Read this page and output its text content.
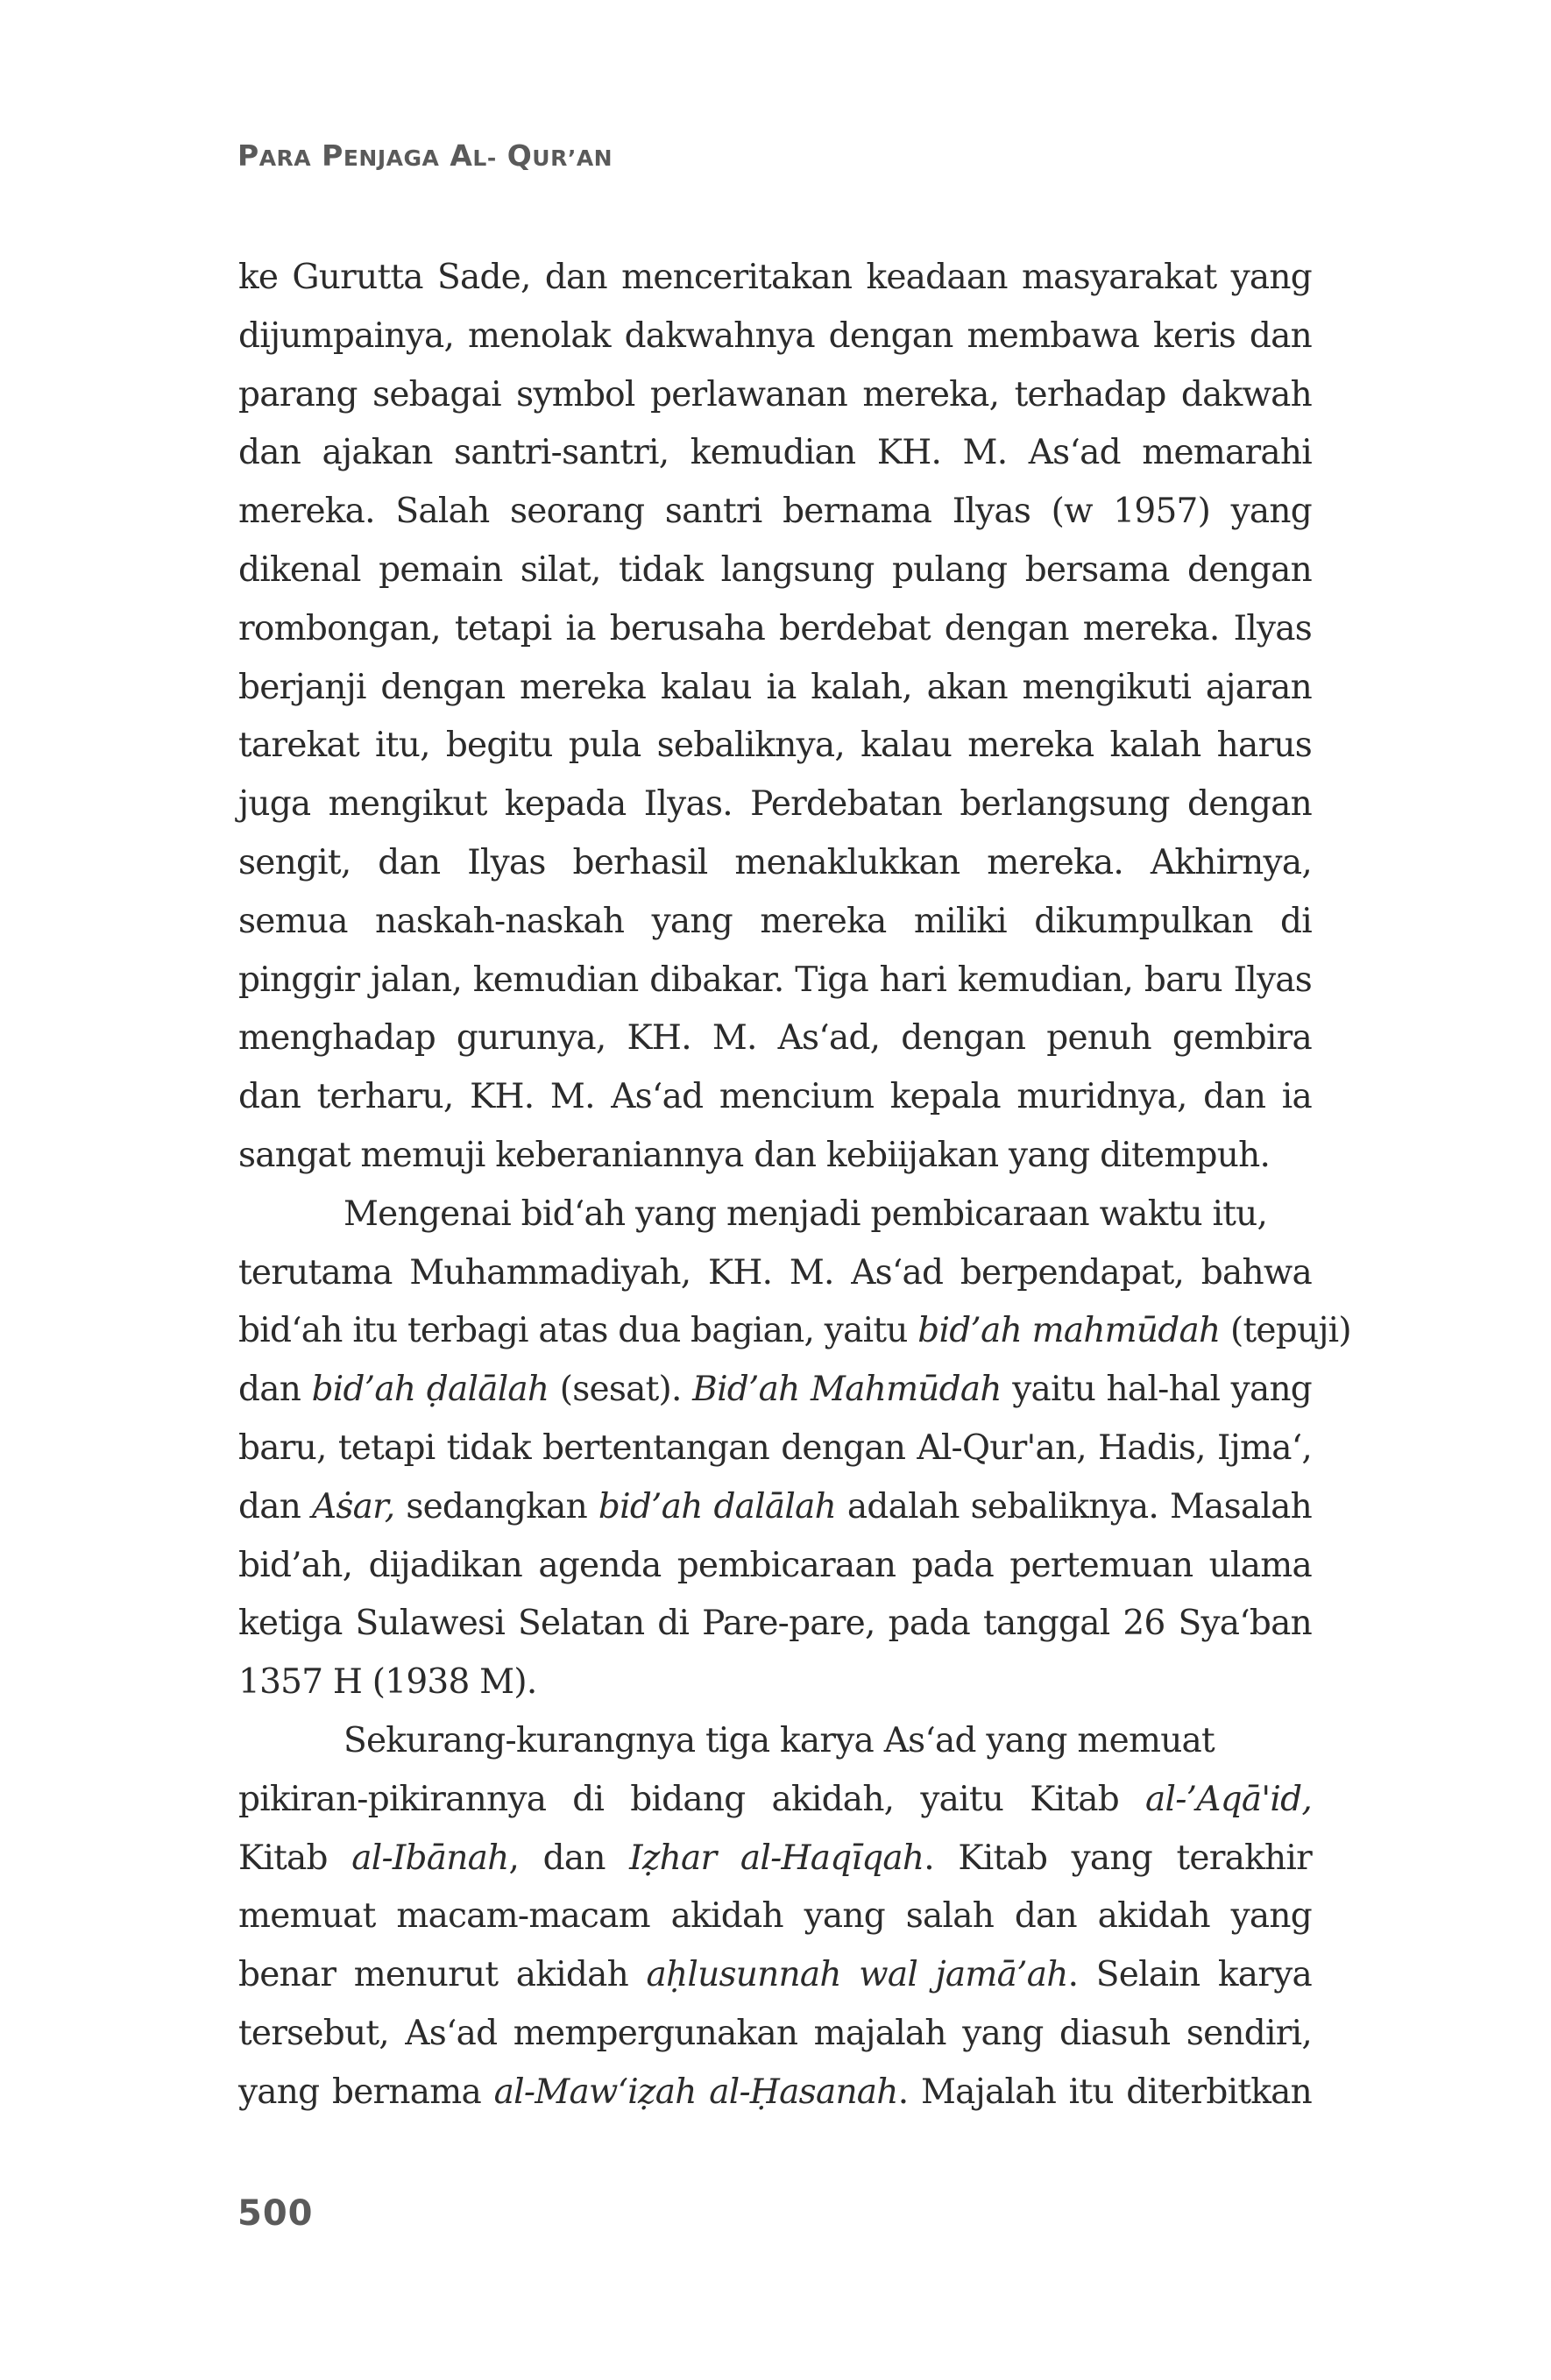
PARA PENJAGA AL- QUR’AN
ke Gurutta Sade, dan menceritakan keadaan masyarakat yang
dijumpainya, menolak dakwahnya dengan membawa keris dan
parang sebagai symbol perlawanan mereka, terhadap dakwah
dan ajakan santri-santri, kemudian KH. M. As‘ad memarahi
mereka. Salah seorang santri bernama Ilyas (w 1957) yang
dikenal pemain silat, tidak langsung pulang bersama dengan
rombongan, tetapi ia berusaha berdebat dengan mereka. Ilyas
berjanji dengan mereka kalau ia kalah, akan mengikuti ajaran
tarekat itu, begitu pula sebaliknya, kalau mereka kalah harus
juga mengikut kepada Ilyas. Perdebatan berlangsung dengan
sengit, dan Ilyas berhasil menaklukkan mereka. Akhirnya,
semua naskah-naskah yang mereka miliki dikumpulkan di
pinggir jalan, kemudian dibakar. Tiga hari kemudian, baru Ilyas
menghadap gurunya, KH. M. As‘ad, dengan penuh gembira
dan terharu, KH. M. As‘ad mencium kepala muridnya, dan ia
sangat memuji keberaniannya dan kebiijakan yang ditempuh.
Mengenai bid‘ah yang menjadi pembicaraan waktu itu,
terutama Muhammadiyah, KH. M. As‘ad berpendapat, bahwa
bid‘ah itu terbagi atas dua bagian, yaitu bid’ah mahmūdah (tepuji)
dan bid’ah ḍalālah (sesat). Bid’ah Mahmūdah yaitu hal-hal yang
baru, tetapi tidak bertentangan dengan Al-Qur'an, Hadis, Ijma‘,
dan Aṡar, sedangkan bid’ah dalālah adalah sebaliknya. Masalah
bid’ah, dijadikan agenda pembicaraan pada pertemuan ulama
ketiga Sulawesi Selatan di Pare-pare, pada tanggal 26 Sya‘ban
1357 H (1938 M).
Sekurang-kurangnya tiga karya As‘ad yang memuat
pikiran-pikirannya di bidang akidah, yaitu Kitab al-’Aqā'id,
Kitab al-Ibānah, dan Iẓhar al-Haqīqah. Kitab yang terakhir
memuat macam-macam akidah yang salah dan akidah yang
benar menurut akidah aḥlusunnah wal jamā’ah. Selain karya
tersebut, As‘ad mempergunakan majalah yang diasuh sendiri,
yang bernama al-Maw‘iẓah al-Ḥasanah. Majalah itu diterbitkan
500
